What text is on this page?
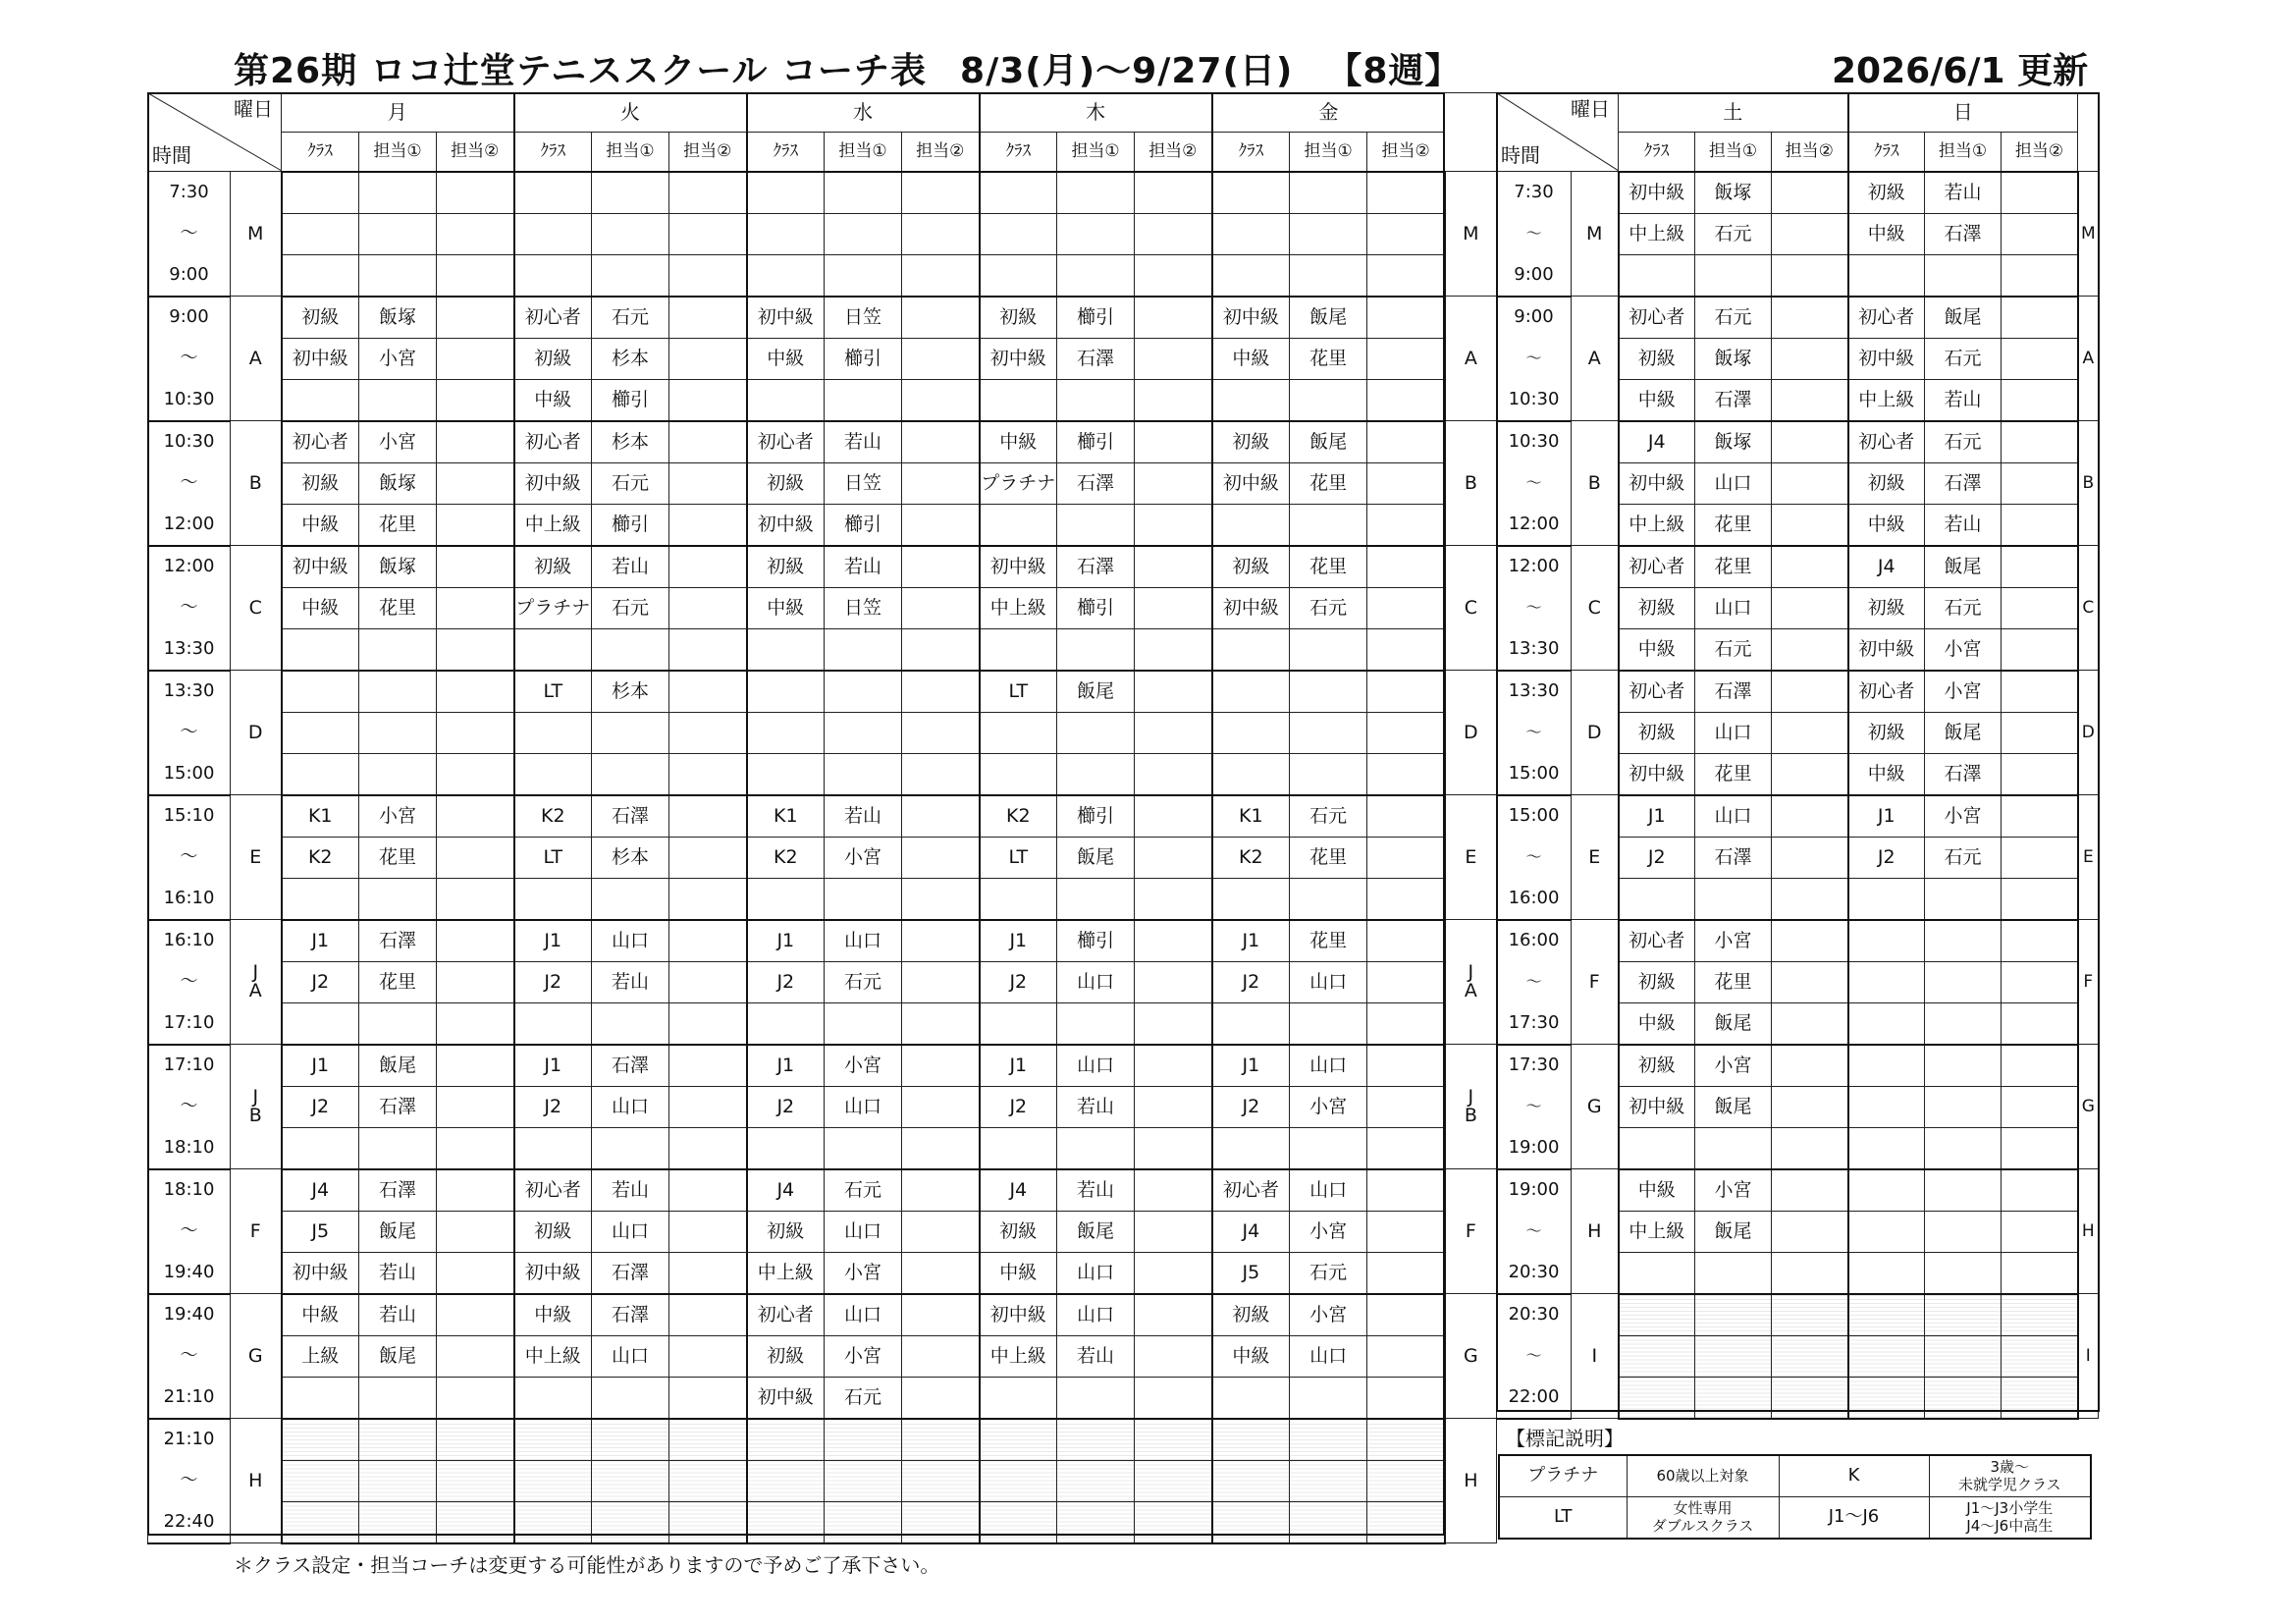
第26期 ロコ辻堂テニススクール コーチ表 8/3(月)～9/27(日) 【8週】	2026/6/1 更新
曜日
時間		月			火			水			木			金			
		ｸﾗｽ	担当①	担当②	ｸﾗｽ	担当①	担当②	ｸﾗｽ	担当①	担当②	ｸﾗｽ	担当①	担当②	ｸﾗｽ	担当①	担当②	
7:30	M																M
～																	
9:00																	
9:00	A	初級	飯塚		初心者	石元		初中級	日笠		初級	櫛引		初中級	飯尾		A
～		初中級	小宮		初級	杉本		中級	櫛引		初中級	石澤		中級	花里		
10:30					中級	櫛引											
10:30	B	初心者	小宮		初心者	杉本		初心者	若山		中級	櫛引		初級	飯尾		B
～		初級	飯塚		初中級	石元		初級	日笠		プラチナ	石澤		初中級	花里		
12:00		中級	花里		中上級	櫛引		初中級	櫛引								
12:00	C	初中級	飯塚		初級	若山		初級	若山		初中級	石澤		初級	花里		C
～		中級	花里		プラチナ	石元		中級	日笠		中上級	櫛引		初中級	石元		
13:30																	
13:30	D				LT	杉本					LT	飯尾					D
～																	
15:00																	
15:10	E	K1	小宮		K2	石澤		K1	若山		K2	櫛引		K1	石元		E
～		K2	花里		LT	杉本		K2	小宮		LT	飯尾		K2	花里		
16:10																	
16:10	J
A	J1	石澤		J1	山口		J1	山口		J1	櫛引		J1	花里		J
A
～		J2	花里		J2	若山		J2	石元		J2	山口		J2	山口		
17:10																	
17:10	J
B	J1	飯尾		J1	石澤		J1	小宮		J1	山口		J1	山口		J
B
～		J2	石澤		J2	山口		J2	山口		J2	若山		J2	小宮		
18:10																	
18:10	F	J4	石澤		初心者	若山		J4	石元		J4	若山		初心者	山口		F
～		J5	飯尾		初級	山口		初級	山口		初級	飯尾		J4	小宮		
19:40		初中級	若山		初中級	石澤		中上級	小宮		中級	山口		J5	石元		
19:40	G	中級	若山		中級	石澤		初心者	山口		初中級	山口		初級	小宮		G
～		上級	飯尾		中上級	山口		初級	小宮		中上級	若山		中級	山口		
21:10								初中級	石元								
21:10	H																H
～																	
22:40																	
曜日
時間		土			日			
		ｸﾗｽ	担当①	担当②	ｸﾗｽ	担当①	担当②	
7:30	M	初中級	飯塚		初級	若山		M
〜		中上級	石元		中級	石澤		
9:00								
9:00	A	初心者	石元		初心者	飯尾		A
〜		初級	飯塚		初中級	石元		
10:30		中級	石澤		中上級	若山		
10:30	B	J4	飯塚		初心者	石元		B
〜		初中級	山口		初級	石澤		
12:00		中上級	花里		中級	若山		
12:00	C	初心者	花里		J4	飯尾		C
〜		初級	山口		初級	石元		
13:30		中級	石元		初中級	小宮		
13:30	D	初心者	石澤		初心者	小宮		D
〜		初級	山口		初級	飯尾		
15:00		初中級	花里		中級	石澤		
15:00	E	J1	山口		J1	小宮		E
〜		J2	石澤		J2	石元		
16:00								
16:00	F	初心者	小宮					F
〜		初級	花里					
17:30		中級	飯尾					
17:30	G	初級	小宮					G
〜		初中級	飯尾					
19:00								
19:00	H	中級	小宮					H
〜		中上級	飯尾					
20:30								
20:30	I							I
〜								
22:00								
【標記説明】
プラチナ	60歳以上対象	K	3歳～
未就学児クラス
LT	女性専用
ダブルスクラス	J1～J6	J1～J3小学生
J4～J6中高生
＊クラス設定・担当コーチは変更する可能性がありますので予めご了承下さい。
